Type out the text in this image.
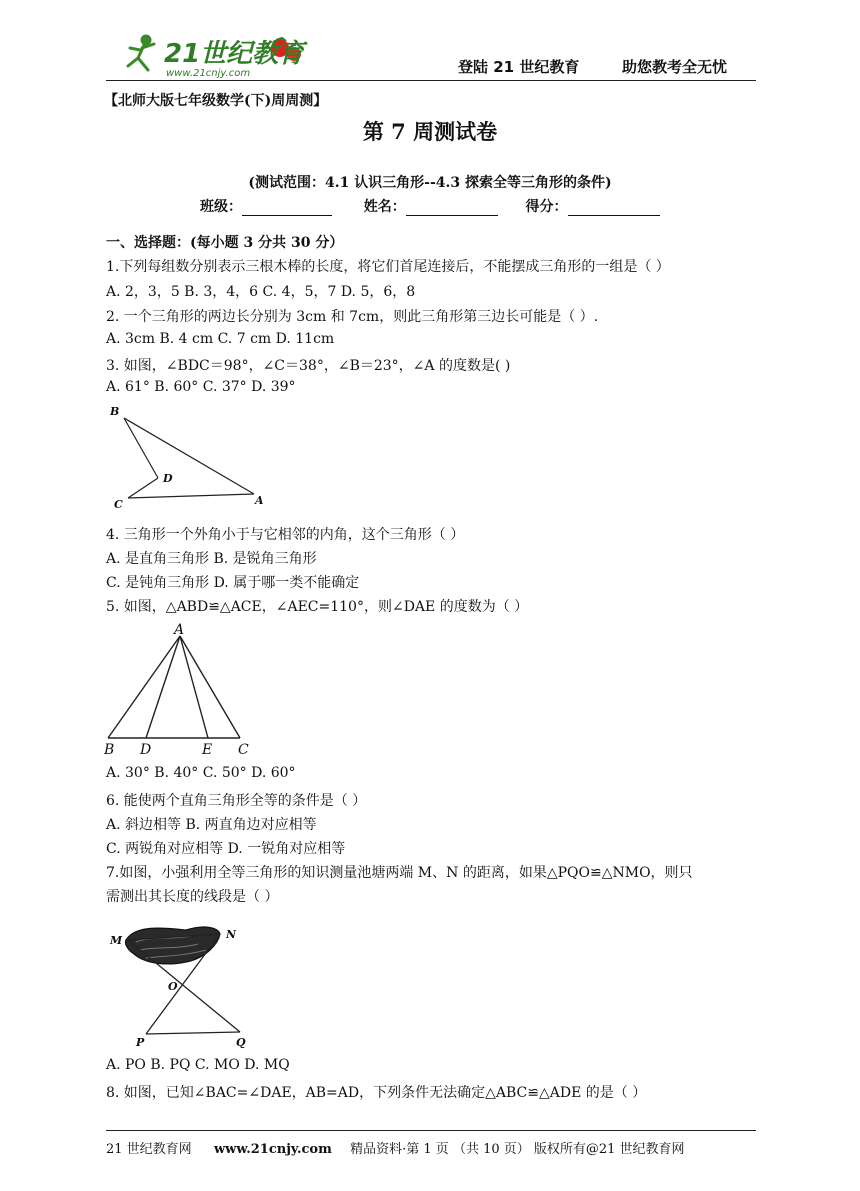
21世纪教育
www.21cnjy.com	登陆 21 世纪教育	助您教考全无忧
【北师大版七年级数学(下)周周测】
第 7 周测试卷
(测试范围：4.1 认识三角形--4.3 探索全等三角形的条件)
班级：	姓名：	得分：
一、选择题：(每小题 3 分共 30 分）
1.下列每组数分别表示三根木棒的长度，将它们首尾连接后，不能摆成三角形的一组是（ ）
A. 2，3，5 B. 3，4，6 C. 4，5，7 D. 5，6，8
2. 一个三角形的两边长分别为 3cm 和 7cm，则此三角形第三边长可能是（ ）.
A. 3cm B. 4 cm C. 7 cm D. 11cm
3. 如图，∠BDC＝98°，∠C＝38°，∠B＝23°，∠A 的度数是( )
A. 61° B. 60° C. 37° D. 39°
B
D
C	A
4. 三角形一个外角小于与它相邻的内角，这个三角形（ ）
A. 是直角三角形 B. 是锐角三角形
C. 是钝角三角形 D. 属于哪一类不能确定
5. 如图，△ABD≌△ACE，∠AEC=110°，则∠DAE 的度数为（ ）
A
B D	E C
A. 30° B. 40° C. 50° D. 60°
6. 能使两个直角三角形全等的条件是（ ）
A. 斜边相等 B. 两直角边对应相等
C. 两锐角对应相等 D. 一锐角对应相等
7.如图，小强利用全等三角形的知识测量池塘两端 M、N 的距离，如果△PQO≌△NMO，则只
需测出其长度的线段是（ ）
M	N
O
P	Q
A. PO B. PQ C. MO D. MQ
8. 如图，已知∠BAC=∠DAE，AB=AD，下列条件无法确定△ABC≌△ADE 的是（ ）
21 世纪教育网 www.21cnjy.com 精品资料·第 1 页 （共 10 页） 版权所有@21 世纪教育网
